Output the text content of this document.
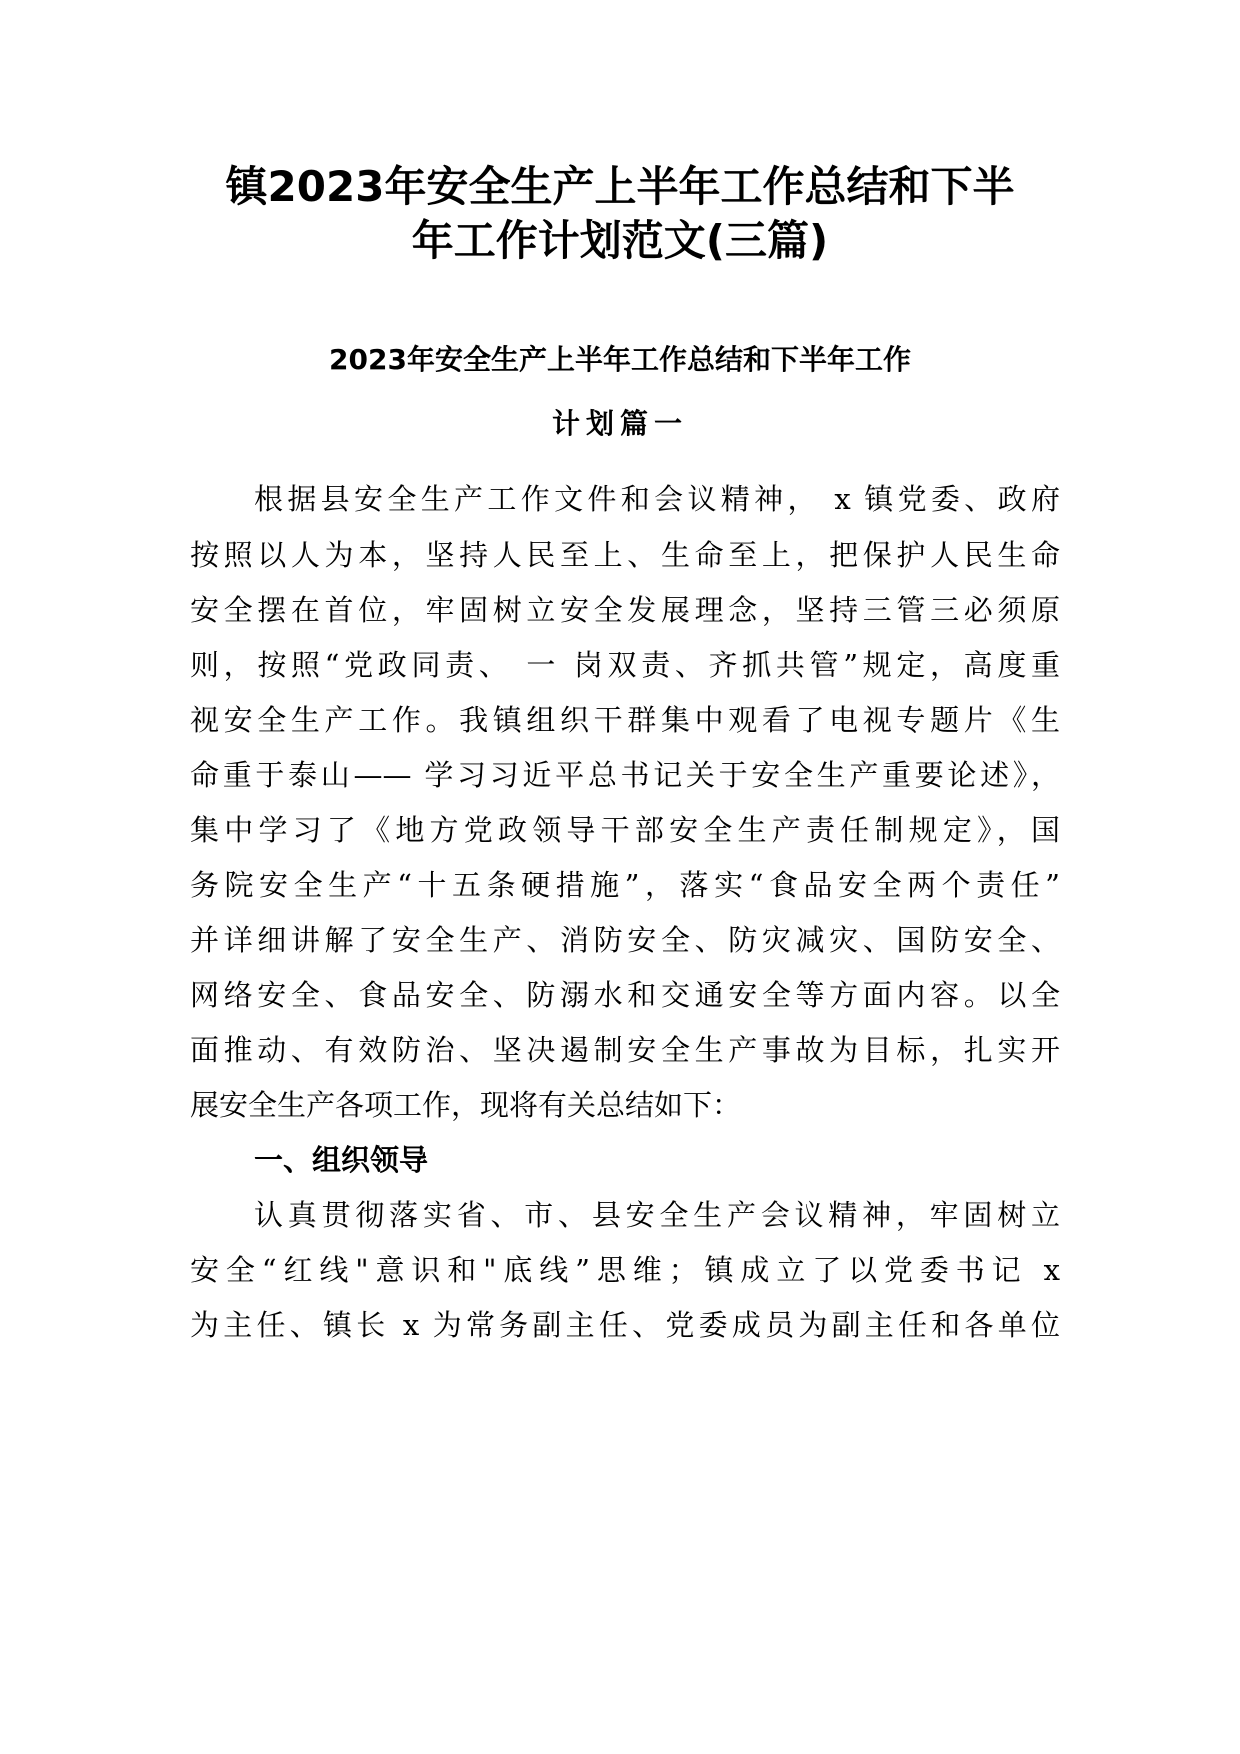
镇2023年安全生产上半年工作总结和下半
年工作计划范文(三篇)
2023年安全生产上半年工作总结和下半年工作
计划篇一

根据县安全生产工作文件和会议精神， x 镇党委、政府

按照以人为本，坚持人民至上、生命至上，把保护人民生命

安全摆在首位，牢固树立安全发展理念，坚持三管三必须原

则，按照“党政同责、 一 岗双责、齐抓共管”规定，高度重

视安全生产工作。我镇组织干群集中观看了电视专题片《生

命重于泰山—— 学习习近平总书记关于安全生产重要论述》，

集中学习了《地方党政领导干部安全生产责任制规定》，国

务院安全生产“十五条硬措施”，落实“食品安全两个责任”

并详细讲解了安全生产、消防安全、防灾减灾、国防安全、

网络安全、食品安全、防溺水和交通安全等方面内容。以全

面推动、有效防治、坚决遏制安全生产事故为目标，扎实开

展安全生产各项工作，现将有关总结如下：

一、组织领导

认真贯彻落实省、市、县安全生产会议精神，牢固树立

安全“红线"意识和"底线”思维；镇成立了以党委书记 x

为主任、镇长 x 为常务副主任、党委成员为副主任和各单位
